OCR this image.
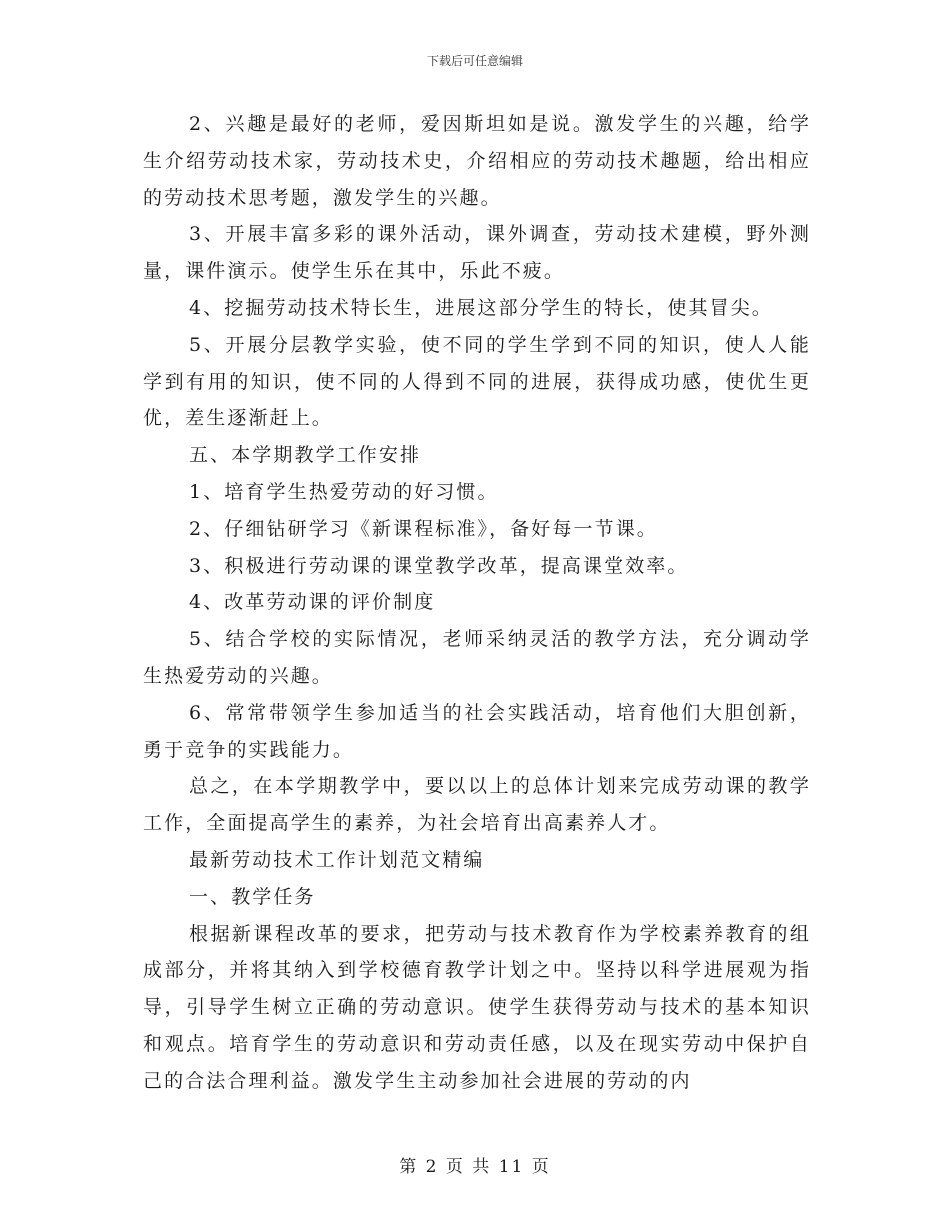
下载后可任意编辑

2、兴趣是最好的老师，爱因斯坦如是说。激发学生的兴趣，给学生介绍劳动技术家，劳动技术史，介绍相应的劳动技术趣题，给出相应的劳动技术思考题，激发学生的兴趣。

3、开展丰富多彩的课外活动，课外调查，劳动技术建模，野外测量，课件演示。使学生乐在其中，乐此不疲。

4、挖掘劳动技术特长生，进展这部分学生的特长，使其冒尖。

5、开展分层教学实验，使不同的学生学到不同的知识，使人人能学到有用的知识，使不同的人得到不同的进展，获得成功感，使优生更优，差生逐渐赶上。

五、本学期教学工作安排

1、培育学生热爱劳动的好习惯。

2、仔细钻研学习《新课程标准》，备好每一节课。

3、积极进行劳动课的课堂教学改革，提高课堂效率。

4、改革劳动课的评价制度

5、结合学校的实际情况，老师采纳灵活的教学方法，充分调动学生热爱劳动的兴趣。

6、常常带领学生参加适当的社会实践活动，培育他们大胆创新，勇于竞争的实践能力。

总之，在本学期教学中，要以以上的总体计划来完成劳动课的教学工作，全面提高学生的素养，为社会培育出高素养人才。

最新劳动技术工作计划范文精编

一、教学任务

根据新课程改革的要求，把劳动与技术教育作为学校素养教育的组成部分，并将其纳入到学校德育教学计划之中。坚持以科学进展观为指导，引导学生树立正确的劳动意识。使学生获得劳动与技术的基本知识和观点。培育学生的劳动意识和劳动责任感，以及在现实劳动中保护自己的合法合理利益。激发学生主动参加社会进展的劳动的内

第 2 页 共 11 页
